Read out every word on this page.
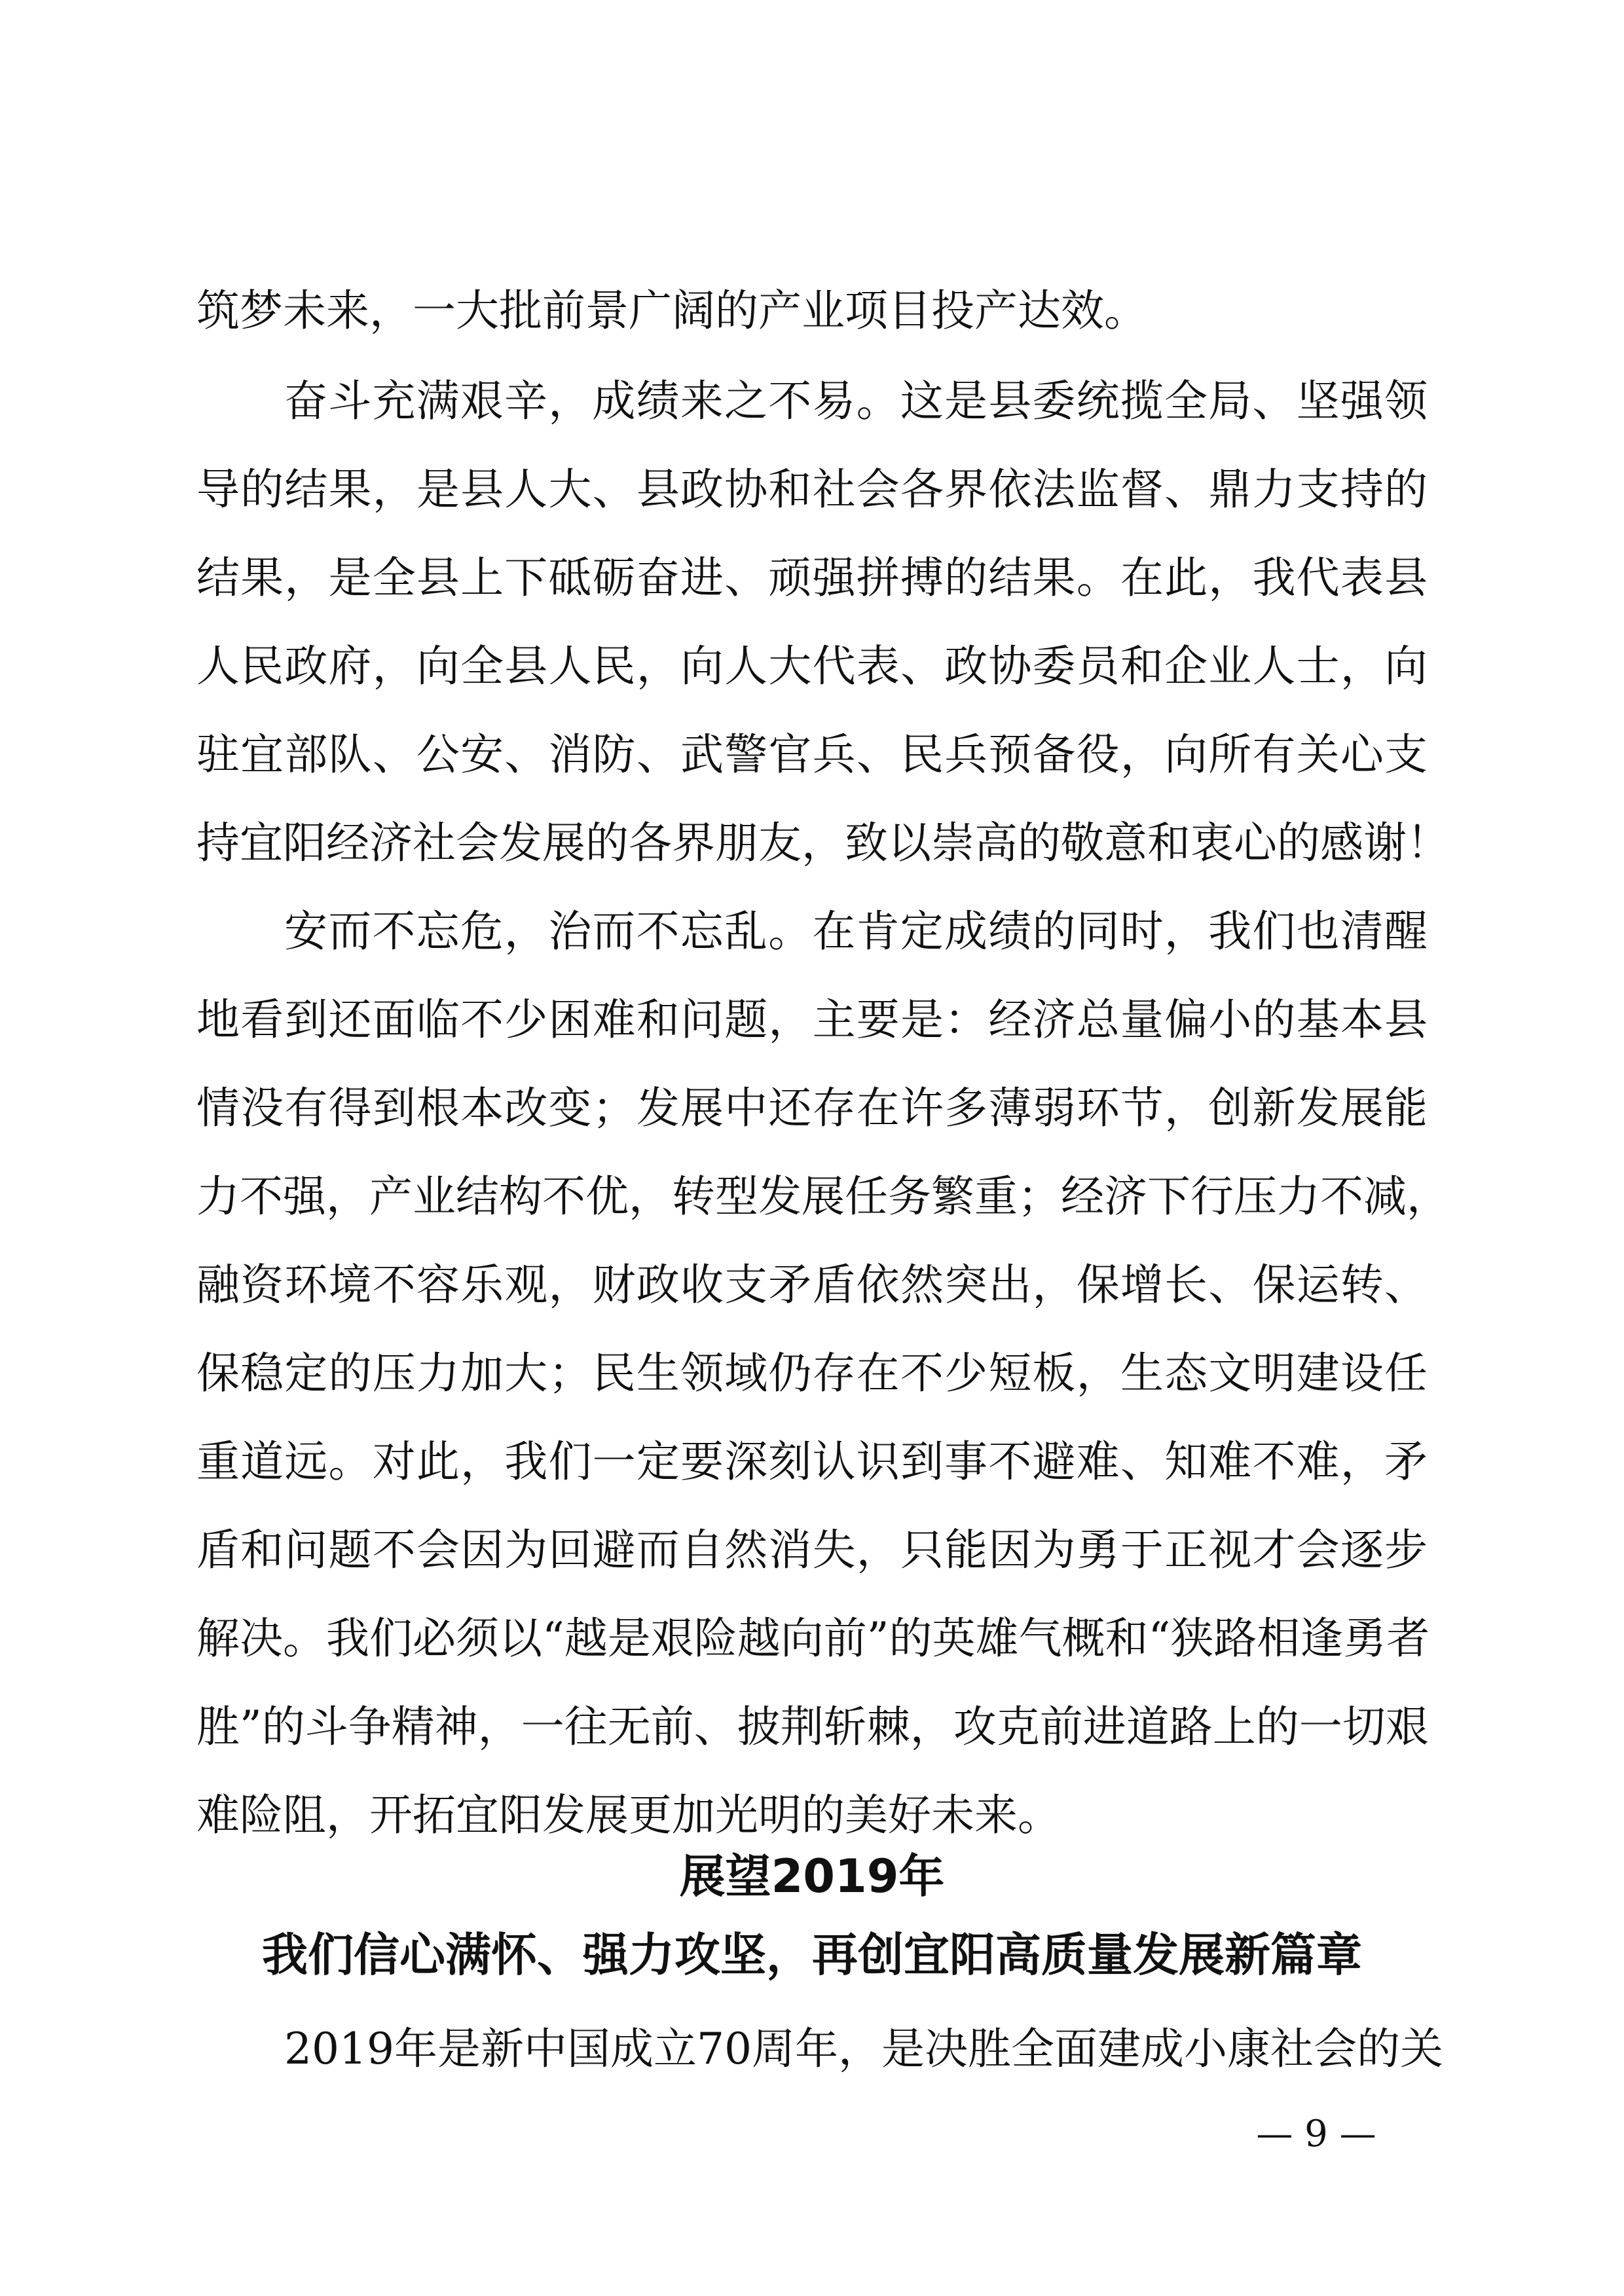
筑梦未来，一大批前景广阔的产业项目投产达效。
奋斗充满艰辛，成绩来之不易。这是县委统揽全局、坚强领
导的结果，是县人大、县政协和社会各界依法监督、鼎力支持的
结果，是全县上下砥砺奋进、顽强拼搏的结果。在此，我代表县
人民政府，向全县人民，向人大代表、政协委员和企业人士，向
驻宜部队、公安、消防、武警官兵、民兵预备役，向所有关心支
持宜阳经济社会发展的各界朋友，致以崇高的敬意和衷心的感谢！
安而不忘危，治而不忘乱。在肯定成绩的同时，我们也清醒
地看到还面临不少困难和问题，主要是：经济总量偏小的基本县
情没有得到根本改变；发展中还存在许多薄弱环节，创新发展能
力不强，产业结构不优，转型发展任务繁重；经济下行压力不减，
融资环境不容乐观，财政收支矛盾依然突出，保增长、保运转、
保稳定的压力加大；民生领域仍存在不少短板，生态文明建设任
重道远。对此，我们一定要深刻认识到事不避难、知难不难，矛
盾和问题不会因为回避而自然消失，只能因为勇于正视才会逐步
解决。我们必须以“越是艰险越向前”的英雄气概和“狭路相逢勇者
胜”的斗争精神，一往无前、披荆斩棘，攻克前进道路上的一切艰
难险阻，开拓宜阳发展更加光明的美好未来。
展望2019年
我们信心满怀、强力攻坚，再创宜阳高质量发展新篇章
2019年是新中国成立70周年，是决胜全面建成小康社会的关
— 9 —
